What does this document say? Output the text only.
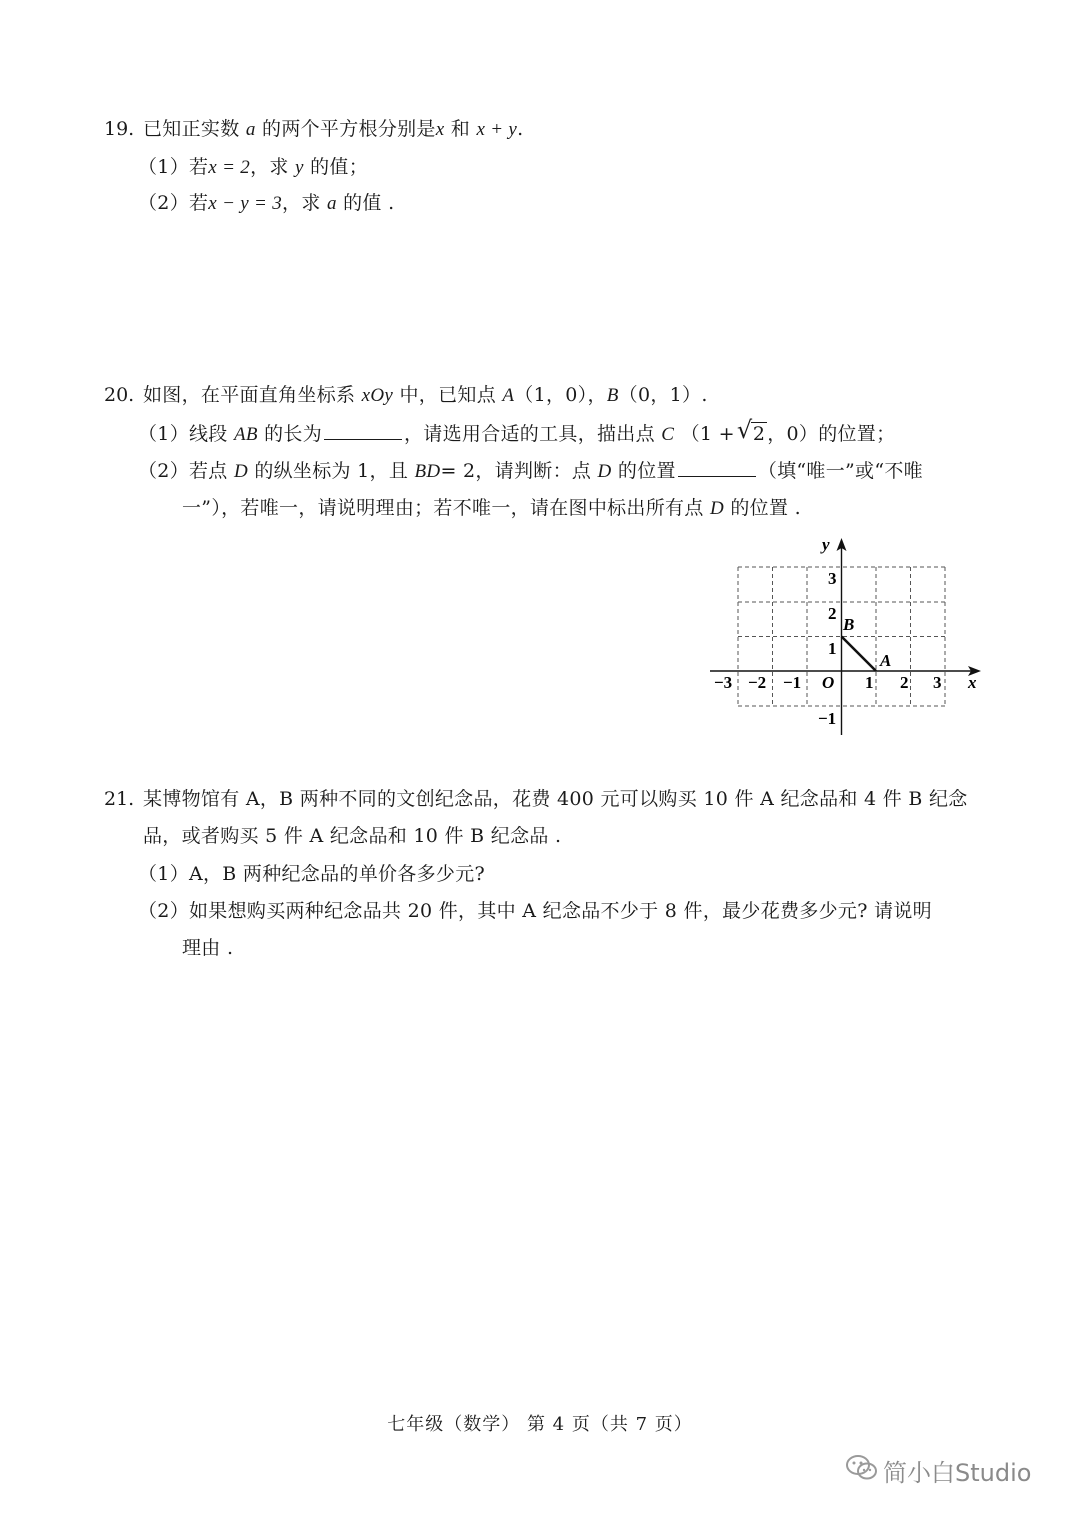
19. 已知正实数 a 的两个平方根分别是x 和 x + y.
（1）若x = 2，求 y 的值；
（2）若x − y = 3，求 a 的值 .
20. 如图，在平面直角坐标系 xOy 中，已知点 A（1，0），B（0，1）.
（1）线段 AB 的长为	，请选用合适的工具，描出点 C （1 + √ 2 ，0）的位置；
（2）若点 D 的纵坐标为 1，且 BD= 2，请判断：点 D 的位置	（填“唯一”或“不唯
一”），若唯一，请说明理由；若不唯一，请在图中标出所有点 D 的位置 .
y
x
O
−3 −2 −1	1 2 3
3
2
1
−1
B
A
21. 某博物馆有 A，B 两种不同的文创纪念品，花费 400 元可以购买 10 件 A 纪念品和 4 件 B 纪念
品，或者购买 5 件 A 纪念品和 10 件 B 纪念品 .
（1）A，B 两种纪念品的单价各多少元?
（2）如果想购买两种纪念品共 20 件，其中 A 纪念品不少于 8 件，最少花费多少元? 请说明
理由 .
七年级（数学） 第 4 页（共 7 页）
简小白Studio
